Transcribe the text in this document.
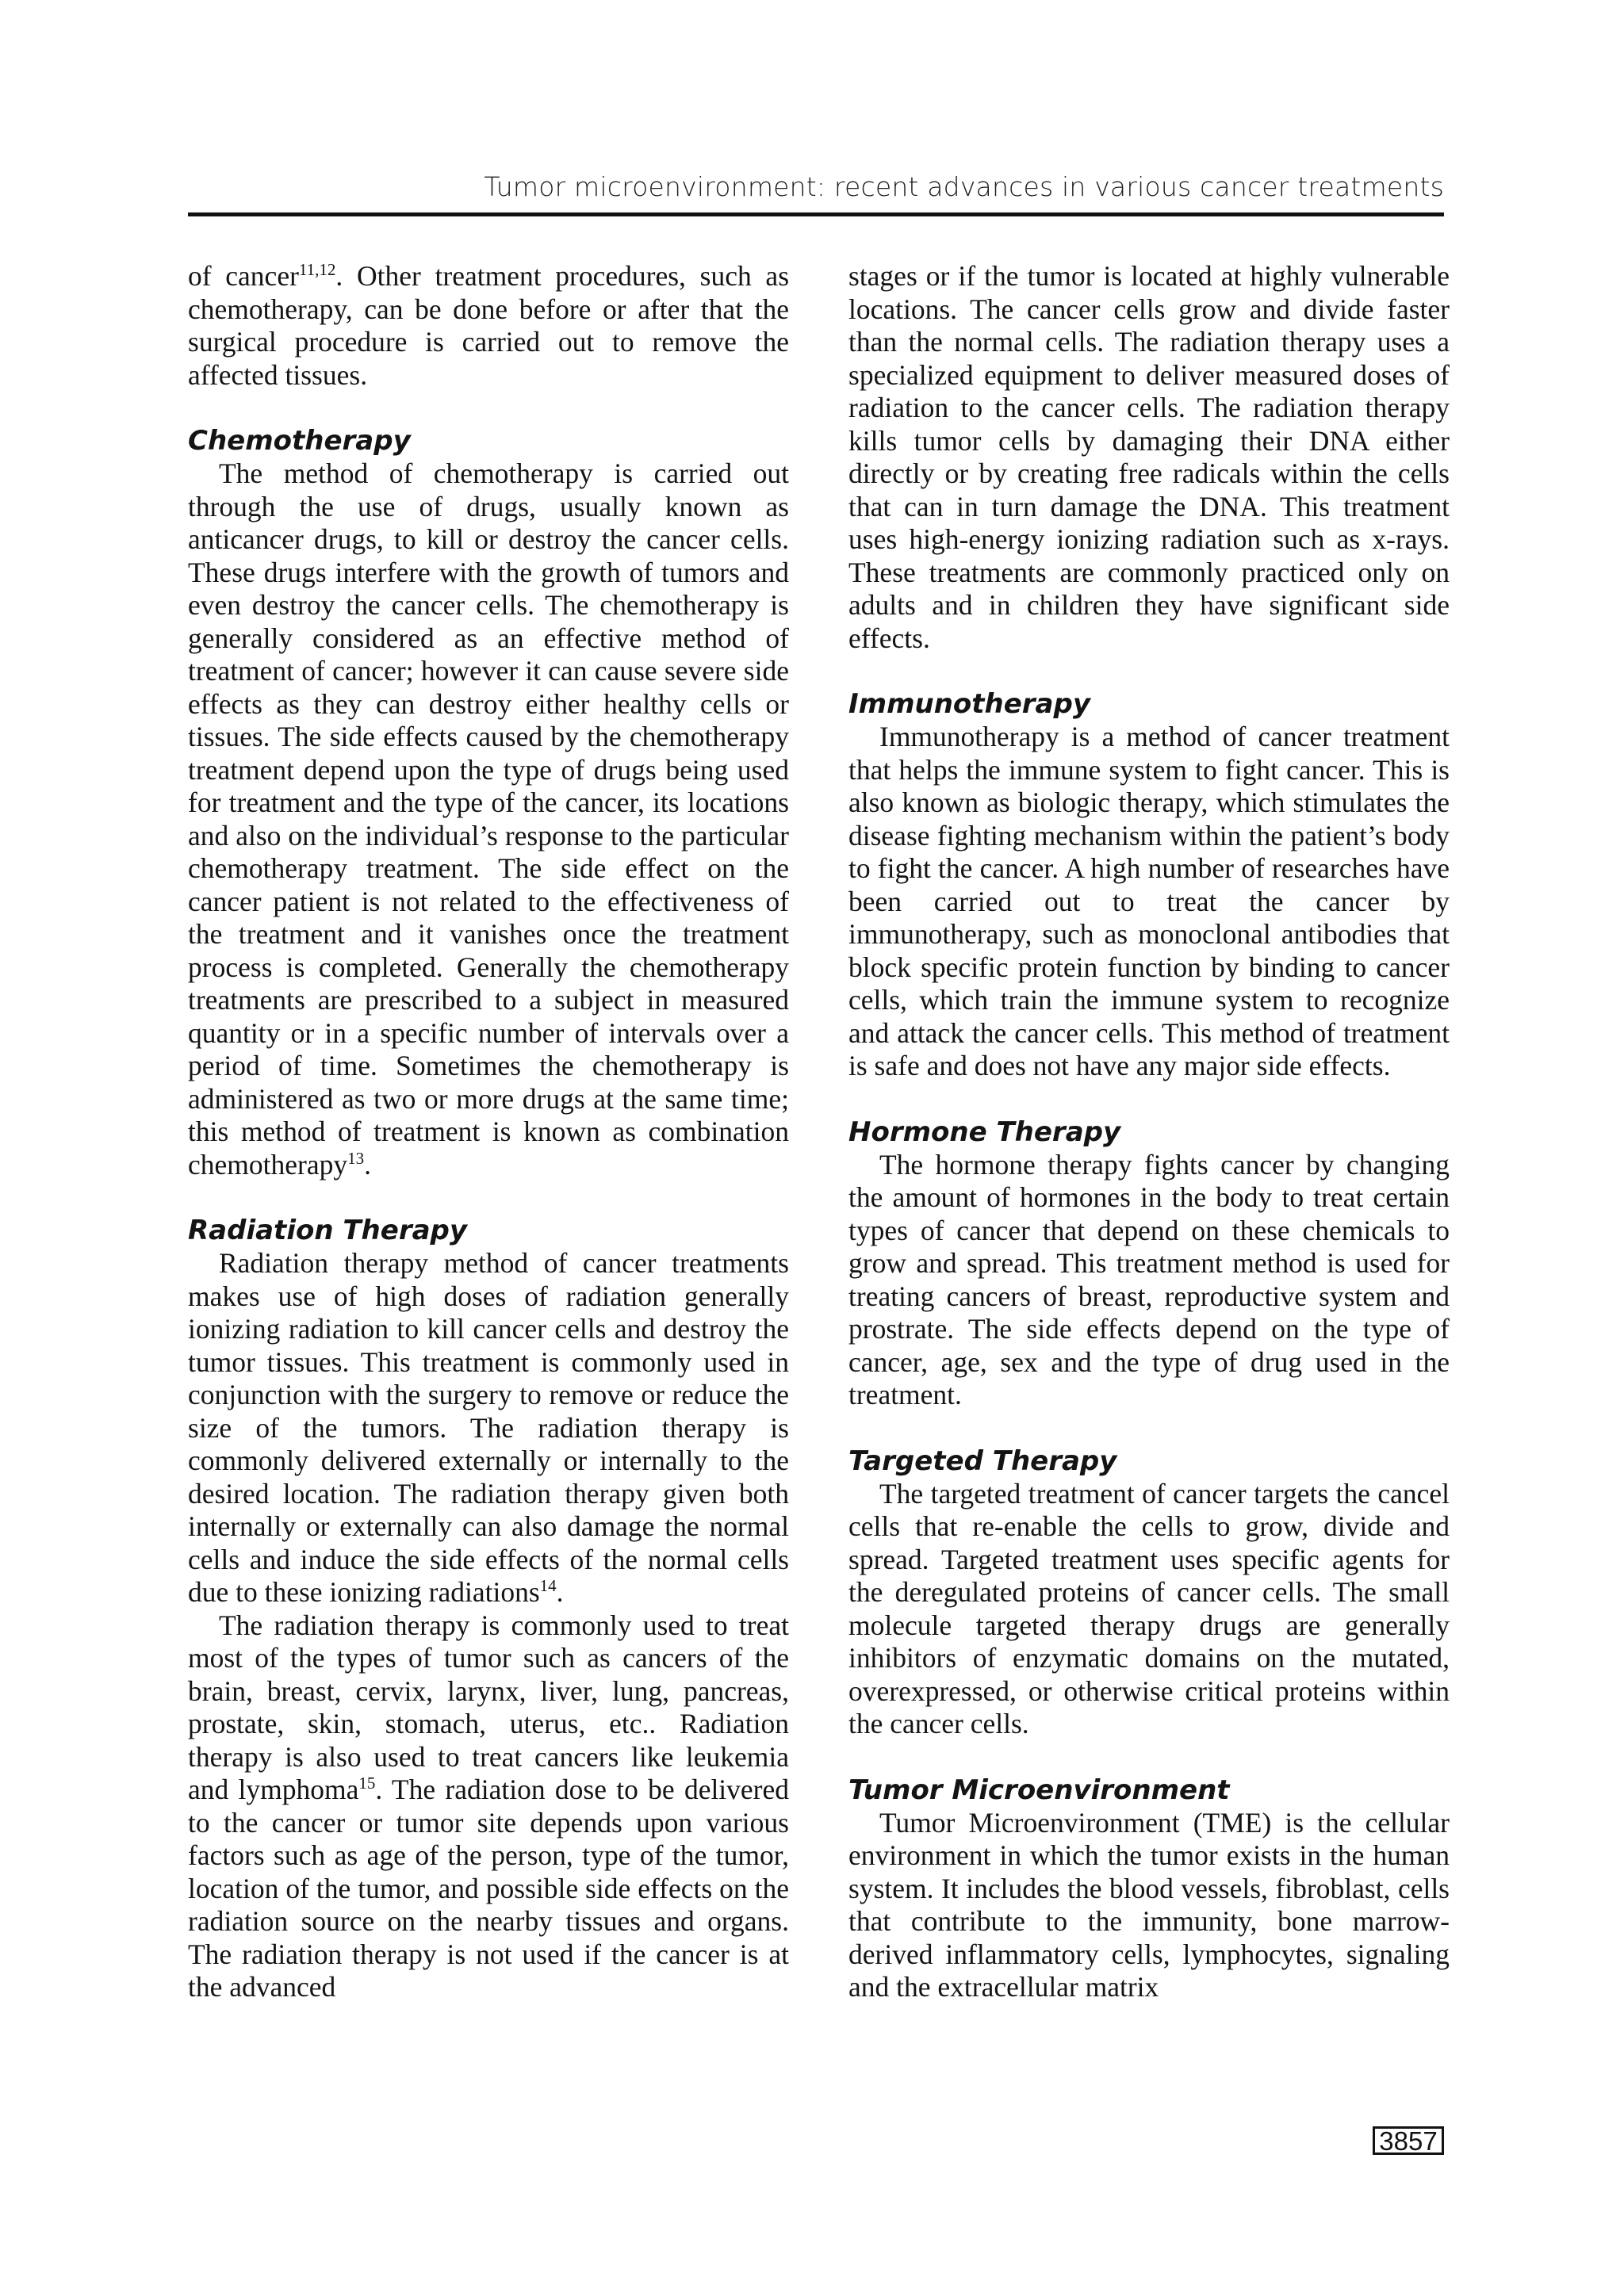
Tumor microenvironment: recent advances in various cancer treatments

of cancer$^{11,12}$. Other treatment procedures, such as chemotherapy, can be done before or after that the surgical procedure is carried out to remove the affected tissues.

Chemotherapy

The method of chemotherapy is carried out through the use of drugs, usually known as anticancer drugs, to kill or destroy the cancer cells. These drugs interfere with the growth of tumors and even destroy the cancer cells. The chemotherapy is generally considered as an effective method of treatment of cancer; however it can cause severe side effects as they can destroy either healthy cells or tissues. The side effects caused by the chemotherapy treatment depend upon the type of drugs being used for treatment and the type of the cancer, its locations and also on the individual’s response to the particular chemotherapy treatment. The side effect on the cancer patient is not related to the effectiveness of the treatment and it vanishes once the treatment process is completed. Generally the chemotherapy treatments are prescribed to a subject in measured quantity or in a specific number of intervals over a period of time. Sometimes the chemotherapy is administered as two or more drugs at the same time; this method of treatment is known as combination chemotherapy$^{13}$.

Radiation Therapy

Radiation therapy method of cancer treatments makes use of high doses of radiation generally ionizing radiation to kill cancer cells and destroy the tumor tissues. This treatment is commonly used in conjunction with the surgery to remove or reduce the size of the tumors. The radiation therapy is commonly delivered externally or internally to the desired location. The radiation therapy given both internally or externally can also damage the normal cells and induce the side effects of the normal cells due to these ionizing radiations$^{14}$.

The radiation therapy is commonly used to treat most of the types of tumor such as cancers of the brain, breast, cervix, larynx, liver, lung, pancreas, prostate, skin, stomach, uterus, etc.. Radiation therapy is also used to treat cancers like leukemia and lymphoma$^{15}$. The radiation dose to be delivered to the cancer or tumor site depends upon various factors such as age of the person, type of the tumor, location of the tumor, and possible side effects on the radiation source on the nearby tissues and organs. The radiation therapy is not used if the cancer is at the advanced

stages or if the tumor is located at highly vulnerable locations. The cancer cells grow and divide faster than the normal cells. The radiation therapy uses a specialized equipment to deliver measured doses of radiation to the cancer cells. The radiation therapy kills tumor cells by damaging their DNA either directly or by creating free radicals within the cells that can in turn damage the DNA. This treatment uses high-energy ionizing radiation such as x-rays. These treatments are commonly practiced only on adults and in children they have significant side effects.

Immunotherapy

Immunotherapy is a method of cancer treatment that helps the immune system to fight cancer. This is also known as biologic therapy, which stimulates the disease fighting mechanism within the patient’s body to fight the cancer. A high number of researches have been carried out to treat the cancer by immunotherapy, such as monoclonal antibodies that block specific protein function by binding to cancer cells, which train the immune system to recognize and attack the cancer cells. This method of treatment is safe and does not have any major side effects.

Hormone Therapy

The hormone therapy fights cancer by changing the amount of hormones in the body to treat certain types of cancer that depend on these chemicals to grow and spread. This treatment method is used for treating cancers of breast, reproductive system and prostrate. The side effects depend on the type of cancer, age, sex and the type of drug used in the treatment.

Targeted Therapy

The targeted treatment of cancer targets the cancel cells that re-enable the cells to grow, divide and spread. Targeted treatment uses specific agents for the deregulated proteins of cancer cells. The small molecule targeted therapy drugs are generally inhibitors of enzymatic domains on the mutated, overexpressed, or otherwise critical proteins within the cancer cells.

Tumor Microenvironment

Tumor Microenvironment (TME) is the cellular environment in which the tumor exists in the human system. It includes the blood vessels, fibroblast, cells that contribute to the immunity, bone marrow-derived inflammatory cells, lymphocytes, signaling and the extracellular matrix

3857
